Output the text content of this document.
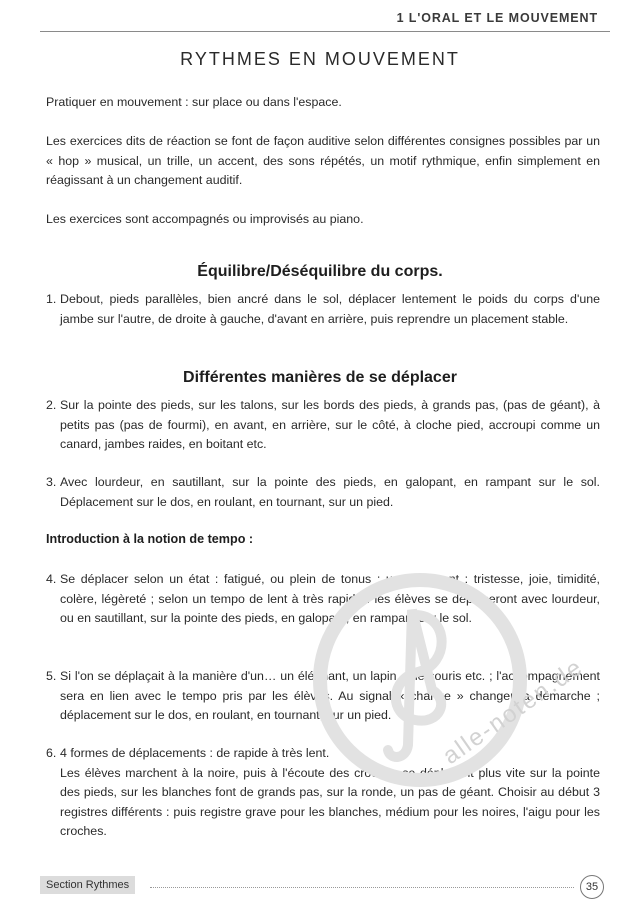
1 L'ORAL ET LE MOUVEMENT
RYTHMES EN MOUVEMENT

Pratiquer en mouvement : sur place ou dans l'espace.

Les exercices dits de réaction se font de façon auditive selon différentes consignes possibles par un « hop » musical, un trille, un accent, des sons répétés, un motif rythmique, enfin simplement en réagissant à un changement auditif.

Les exercices sont accompagnés ou improvisés au piano.

Équilibre/Déséquilibre du corps.
1. Debout, pieds parallèles, bien ancré dans le sol, déplacer lentement le poids du corps d'une jambe sur l'autre, de droite à gauche, d'avant en arrière, puis reprendre un placement stable.
Différentes manières de se déplacer
2. Sur la pointe des pieds, sur les talons, sur les bords des pieds, à grands pas, (pas de géant), à petits pas (pas de fourmi), en avant, en arrière, sur le côté, à cloche pied, accroupi comme un canard, jambes raides, en boitant etc.
3. Avec lourdeur, en sautillant, sur la pointe des pieds, en galopant, en rampant sur le sol. Déplacement sur le dos, en roulant, en tournant, sur un pied.
Introduction à la notion de tempo :
4. Se déplacer selon un état : fatigué, ou plein de tonus ; un sentiment : tristesse, joie, timidité, colère, légèreté ; selon un tempo de lent à très rapide : les élèves se déplaceront avec lourdeur, ou en sautillant, sur la pointe des pieds, en galopant, en rampant sur le sol.
5. Si l'on se déplaçait à la manière d'un… un éléphant, un lapin, une souris etc. ; l'accompagnement sera en lien avec le tempo pris par les élèves. Au signal « change » changer la démarche ; déplacement sur le dos, en roulant, en tournant, sur un pied.
6. 4 formes de déplacements : de rapide à très lent.
Les élèves marchent à la noire, puis à l'écoute des croches se déplacent plus vite sur la pointe des pieds, sur les blanches font de grands pas, sur la ronde, un pas de géant. Choisir au début 3 registres différents : puis registre grave pour les blanches, médium pour les noires, l'aigu pour les croches.
alle-noten.de
Section Rythmes	35
